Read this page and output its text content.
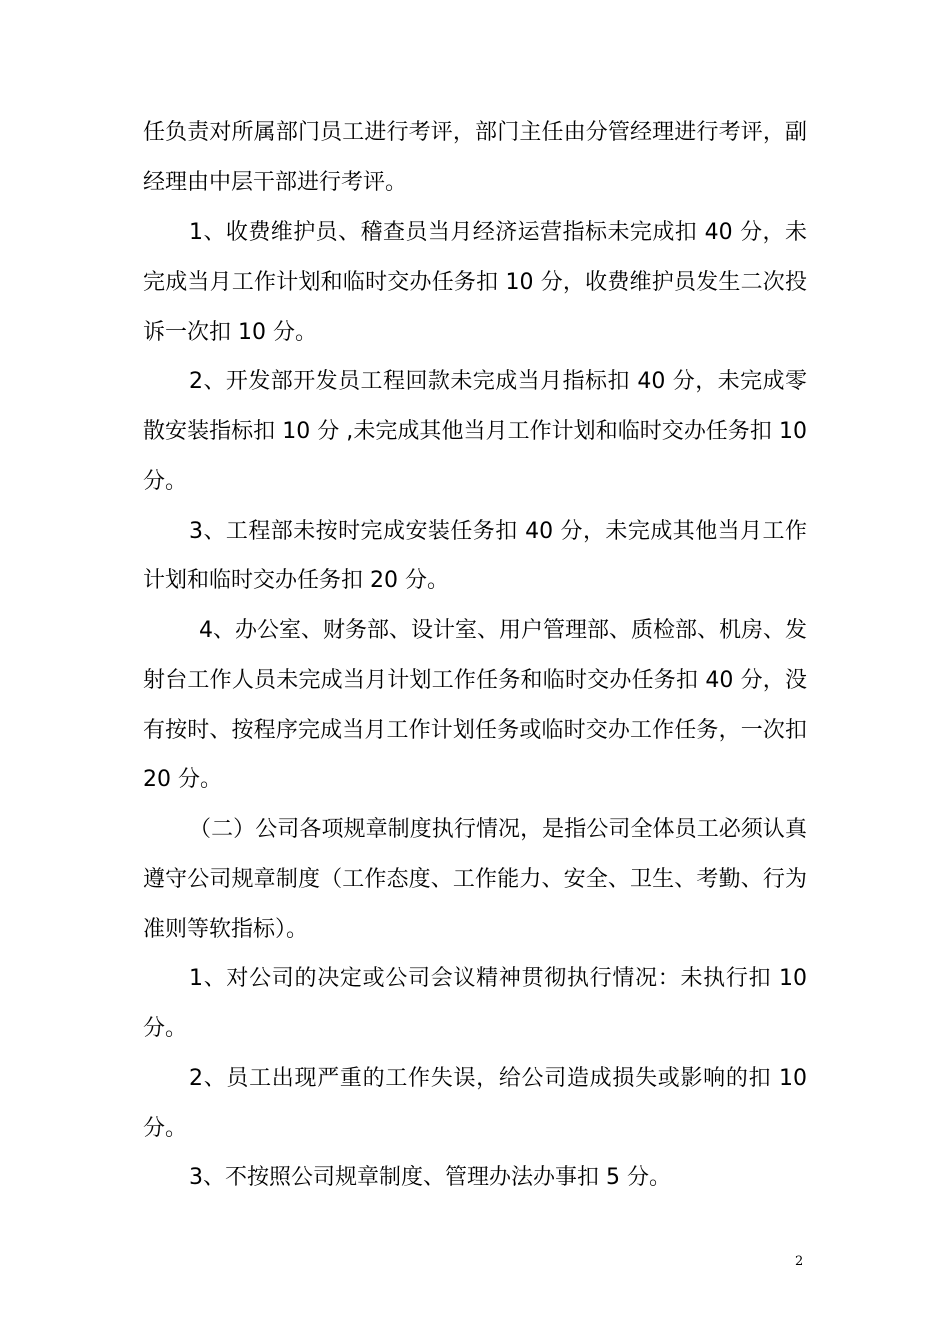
任负责对所属部门员工进行考评，部门主任由分管经理进行考评，副
经理由中层干部进行考评。
1、收费维护员、稽查员当月经济运营指标未完成扣 40 分，未
完成当月工作计划和临时交办任务扣 10 分，收费维护员发生二次投
诉一次扣 10 分。
2、开发部开发员工程回款未完成当月指标扣 40 分，未完成零
散安装指标扣 10 分 ,未完成其他当月工作计划和临时交办任务扣 10
分。
3、工程部未按时完成安装任务扣 40 分，未完成其他当月工作
计划和临时交办任务扣 20 分。
4、办公室、财务部、设计室、用户管理部、质检部、机房、发
射台工作人员未完成当月计划工作任务和临时交办任务扣 40 分，没
有按时、按程序完成当月工作计划任务或临时交办工作任务，一次扣
20 分。
（二）公司各项规章制度执行情况，是指公司全体员工必须认真
遵守公司规章制度（工作态度、工作能力、安全、卫生、考勤、行为
准则等软指标）。
1、对公司的决定或公司会议精神贯彻执行情况：未执行扣 10
分。
2、员工出现严重的工作失误，给公司造成损失或影响的扣 10
分。
3、不按照公司规章制度、管理办法办事扣 5 分。
2
